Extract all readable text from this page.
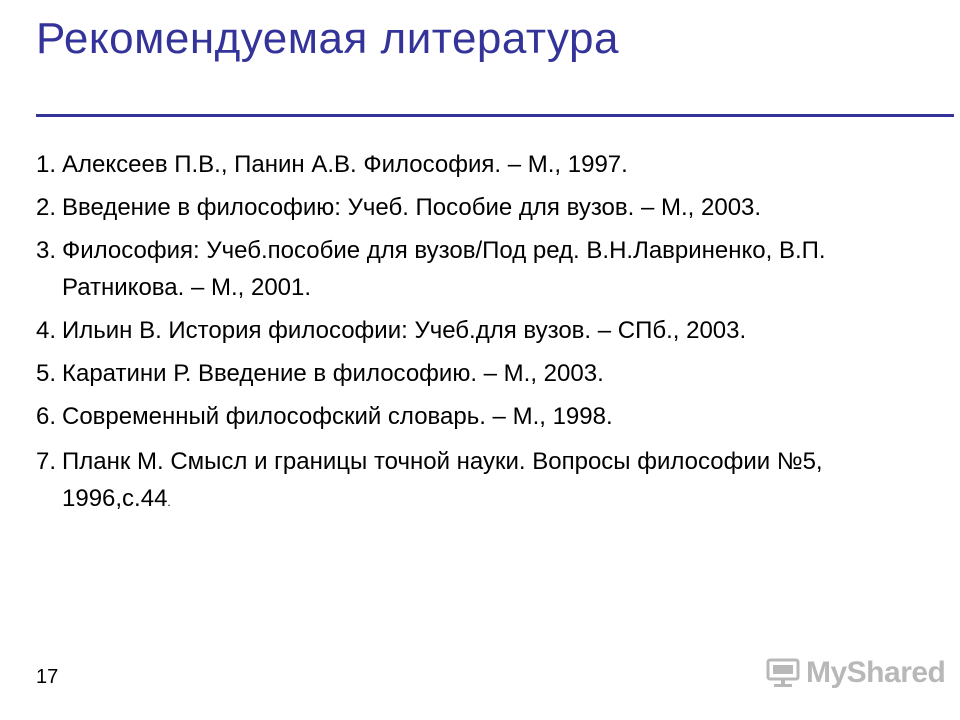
Рекомендуемая литература
1. Алексеев П.В., Панин А.В. Философия. – М., 1997.
2. Введение в философию: Учеб. Пособие для вузов. – М., 2003.
3. Философия: Учеб.пособие для вузов/Под ред. В.Н.Лавриненко, В.П. Ратникова. – М., 2001.
4. Ильин В. История философии: Учеб.для вузов. – СПб., 2003.
5. Каратини Р. Введение в философию. – М., 2003.
6. Современный философский словарь. – М., 1998.
7. Планк М. Смысл и границы точной науки. Вопросы философии №5, 1996,с.44.
17	MyShared
